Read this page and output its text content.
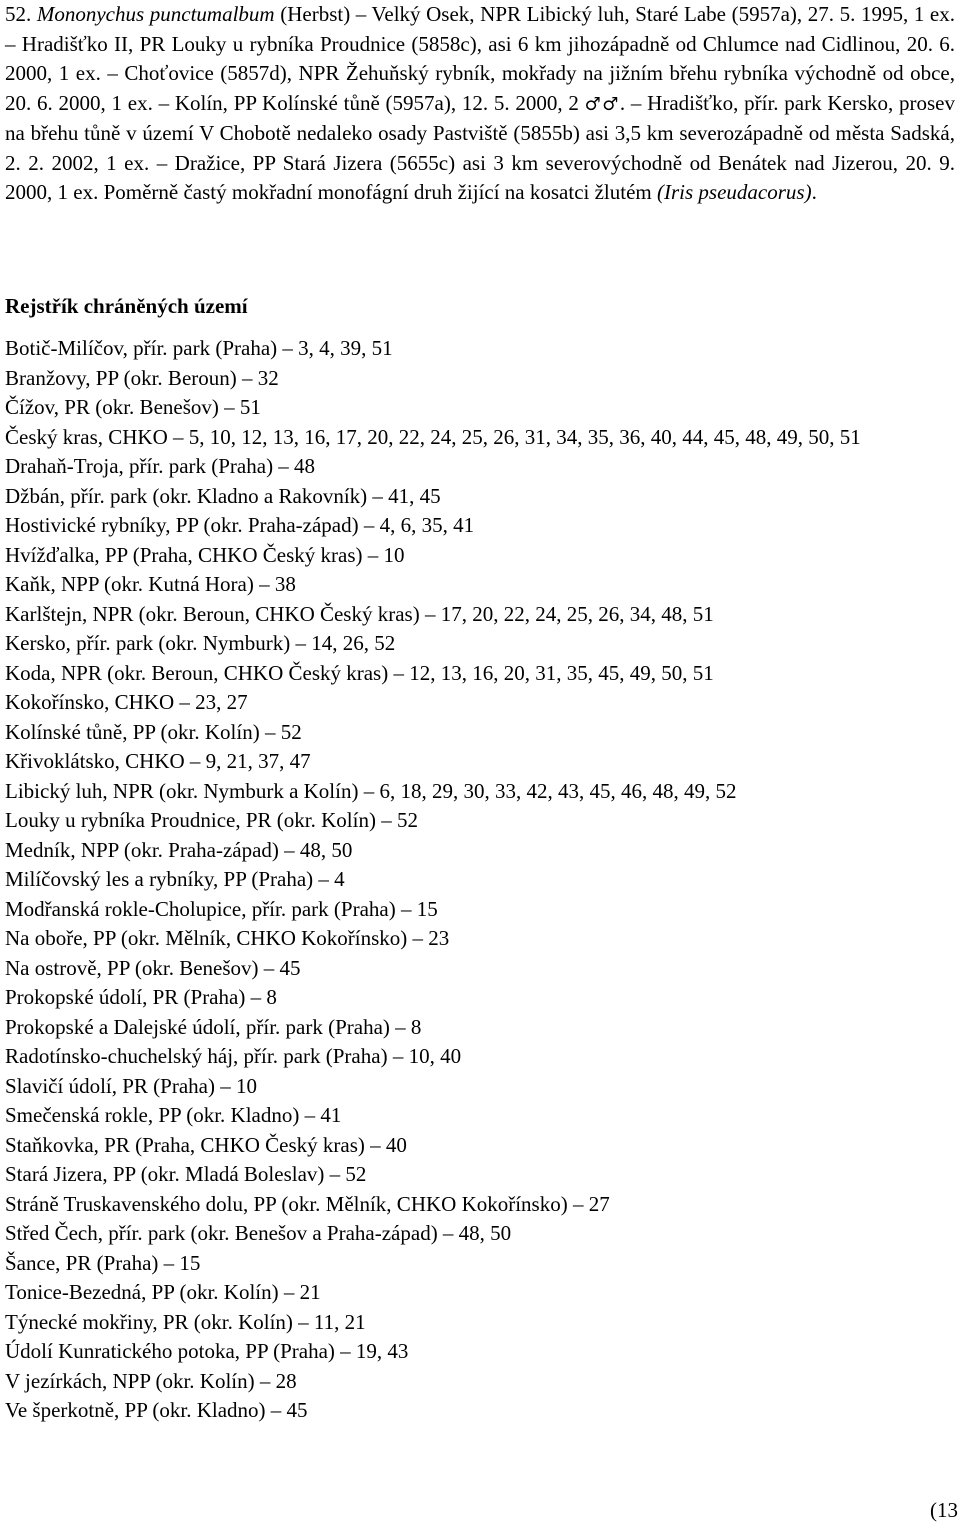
52. Mononychus punctumalbum (Herbst) – Velký Osek, NPR Libický luh, Staré Labe (5957a), 27. 5. 1995, 1 ex. – Hradišťko II, PR Louky u rybníka Proudnice (5858c), asi 6 km jihozápadně od Chlumce nad Cidlinou, 20. 6. 2000, 1 ex. – Choťovice (5857d), NPR Žehuňský rybník, mokřady na jižním břehu rybníka východně od obce, 20. 6. 2000, 1 ex. – Kolín, PP Kolínské tůně (5957a), 12. 5. 2000, 2 ♂♂. – Hradišťko, přír. park Kersko, prosev na břehu tůně v území V Chobotě nedaleko osady Pastviště (5855b) asi 3,5 km severozápadně od města Sadská, 2. 2. 2002, 1 ex. – Dražice, PP Stará Jizera (5655c) asi 3 km severovýchodně od Benátek nad Jizerou, 20. 9. 2000, 1 ex. Poměrně častý mokřadní monofágní druh žijící na kosatci žlutém (Iris pseudacorus).

Rejstřík chráněných území
Botič-Milíčov, přír. park (Praha) – 3, 4, 39, 51
Branžovy, PP (okr. Beroun) – 32
Čížov, PR (okr. Benešov) – 51
Český kras, CHKO – 5, 10, 12, 13, 16, 17, 20, 22, 24, 25, 26, 31, 34, 35, 36, 40, 44, 45, 48, 49, 50, 51
Drahaň-Troja, přír. park (Praha) – 48
Džbán, přír. park (okr. Kladno a Rakovník) – 41, 45
Hostivické rybníky, PP (okr. Praha-západ) – 4, 6, 35, 41
Hvížďalka, PP (Praha, CHKO Český kras) – 10
Kaňk, NPP (okr. Kutná Hora) – 38
Karlštejn, NPR (okr. Beroun, CHKO Český kras) – 17, 20, 22, 24, 25, 26, 34, 48, 51
Kersko, přír. park (okr. Nymburk) – 14, 26, 52
Koda, NPR (okr. Beroun, CHKO Český kras) – 12, 13, 16, 20, 31, 35, 45, 49, 50, 51
Kokořínsko, CHKO – 23, 27
Kolínské tůně, PP (okr. Kolín) – 52
Křivoklátsko, CHKO – 9, 21, 37, 47
Libický luh, NPR (okr. Nymburk a Kolín) – 6, 18, 29, 30, 33, 42, 43, 45, 46, 48, 49, 52
Louky u rybníka Proudnice, PR (okr. Kolín) – 52
Medník, NPP (okr. Praha-západ) – 48, 50
Milíčovský les a rybníky, PP (Praha) – 4
Modřanská rokle-Cholupice, přír. park (Praha) – 15
Na oboře, PP (okr. Mělník, CHKO Kokořínsko) – 23
Na ostrově, PP (okr. Benešov) – 45
Prokopské údolí, PR (Praha) – 8
Prokopské a Dalejské údolí, přír. park (Praha) – 8
Radotínsko-chuchelský háj, přír. park (Praha) – 10, 40
Slavičí údolí, PR (Praha) – 10
Smečenská rokle, PP (okr. Kladno) – 41
Staňkovka, PR (Praha, CHKO Český kras) – 40
Stará Jizera, PP (okr. Mladá Boleslav) – 52
Stráně Truskavenského dolu, PP (okr. Mělník, CHKO Kokořínsko) – 27
Střed Čech, přír. park (okr. Benešov a Praha-západ) – 48, 50
Šance, PR (Praha) – 15
Tonice-Bezedná, PP (okr. Kolín) – 21
Týnecké mokřiny, PR (okr. Kolín) – 11, 21
Údolí Kunratického potoka, PP (Praha) – 19, 43
V jezírkách, NPP (okr. Kolín) – 28
Ve šperkotně, PP (okr. Kladno) – 45
(13
